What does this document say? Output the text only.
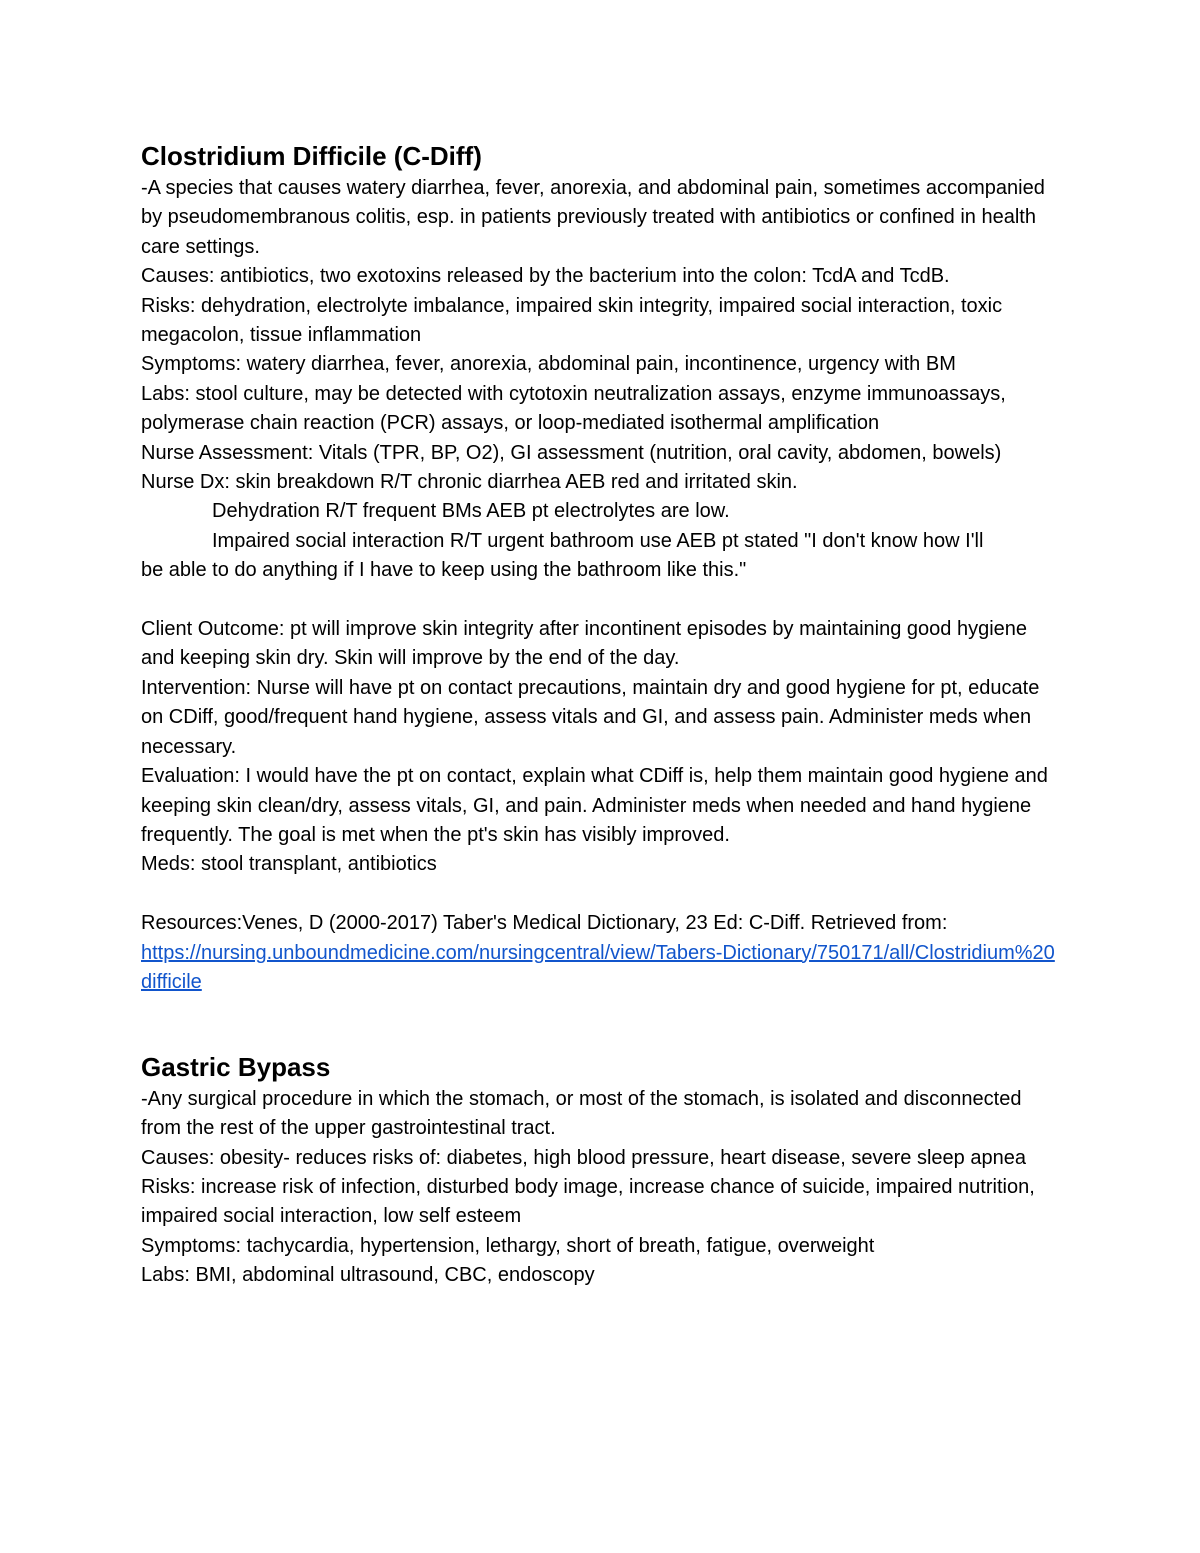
Clostridium Difficile (C-Diff)

-A species that causes watery diarrhea, fever, anorexia, and abdominal pain, sometimes accompanied by pseudomembranous colitis, esp. in patients previously treated with antibiotics or confined in health care settings.

Causes: antibiotics, two exotoxins released by the bacterium into the colon: TcdA and TcdB.

Risks: dehydration, electrolyte imbalance, impaired skin integrity, impaired social interaction, toxic megacolon, tissue inflammation

Symptoms: watery diarrhea, fever, anorexia, abdominal pain, incontinence, urgency with BM

Labs: stool culture, may be detected with cytotoxin neutralization assays, enzyme immunoassays, polymerase chain reaction (PCR) assays, or loop-mediated isothermal amplification

Nurse Assessment: Vitals (TPR, BP, O2), GI assessment (nutrition, oral cavity, abdomen, bowels)

Nurse Dx: skin breakdown R/T chronic diarrhea AEB red and irritated skin.

Dehydration R/T frequent BMs AEB pt electrolytes are low.

Impaired social interaction R/T urgent bathroom use AEB pt stated "I don't know how I'll

be able to do anything if I have to keep using the bathroom like this."

Client Outcome: pt will improve skin integrity after incontinent episodes by maintaining good hygiene and keeping skin dry. Skin will improve by the end of the day.

Intervention: Nurse will have pt on contact precautions, maintain dry and good hygiene for pt, educate on CDiff, good/frequent hand hygiene, assess vitals and GI, and assess pain. Administer meds when necessary.

Evaluation: I would have the pt on contact, explain what CDiff is, help them maintain good hygiene and keeping skin clean/dry, assess vitals, GI, and pain. Administer meds when needed and hand hygiene frequently. The goal is met when the pt's skin has visibly improved.

Meds: stool transplant, antibiotics

Resources:Venes, D (2000-2017) Taber's Medical Dictionary, 23 Ed: C-Diff. Retrieved from:

https://nursing.unboundmedicine.com/nursingcentral/view/Tabers-Dictionary/750171/all/Clostridium%20difficile

Gastric Bypass

-Any surgical procedure in which the stomach, or most of the stomach, is isolated and disconnected from the rest of the upper gastrointestinal tract.

Causes: obesity- reduces risks of: diabetes, high blood pressure, heart disease, severe sleep apnea

Risks: increase risk of infection, disturbed body image, increase chance of suicide, impaired nutrition, impaired social interaction, low self esteem

Symptoms: tachycardia, hypertension, lethargy, short of breath, fatigue, overweight

Labs: BMI, abdominal ultrasound, CBC, endoscopy
